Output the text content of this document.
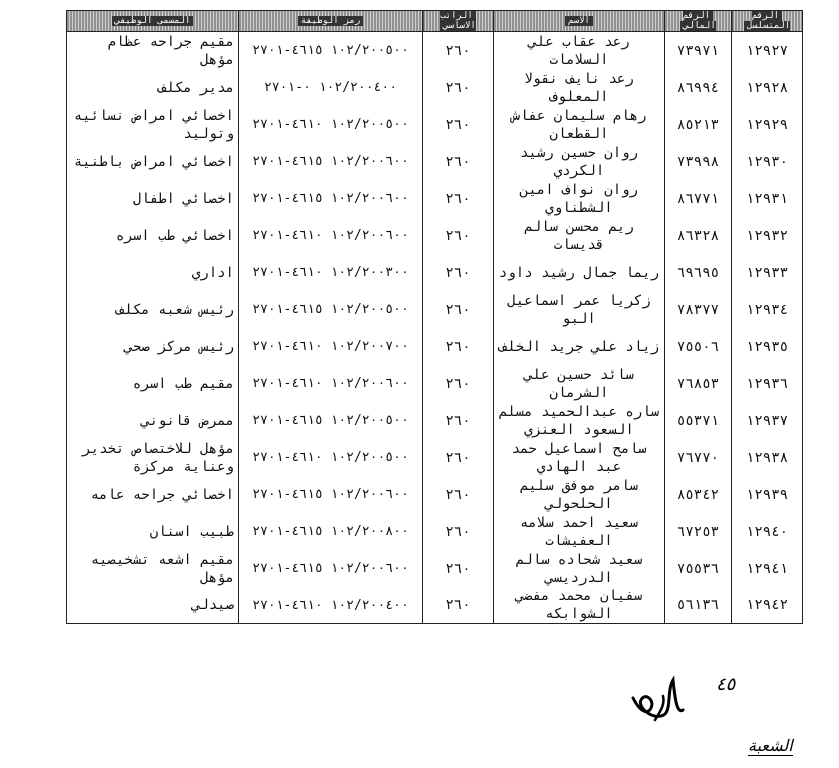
الرقم المتسلسل	الرقم المالي	الاسم	الراتب الاساسي	رمز الوظيفة	المسمى الوظيفي
١٢٩٢٧	٧٣٩٧١	رعد عقاب علي السلامات	٢٦٠	١٠٢/٢٠٠٥٠٠ ٤٦١٥-٢٧٠١	مقيم جراحه عظام مؤهل
١٢٩٢٨	٨٦٩٩٤	رعد نايف نقولا المعلوف	٢٦٠	١٠٢/٢٠٠٤٠٠ ٠-٢٧٠١	مدير مكلف
١٢٩٢٩	٨٥٢١٣	رهام سليمان عفاش القطعان	٢٦٠	١٠٢/٢٠٠٥٠٠ ٤٦١٠-٢٧٠١	اخصائي امراض نسائيه وتوليد
١٢٩٣٠	٧٣٩٩٨	روان حسين رشيد الكردي	٢٦٠	١٠٢/٢٠٠٦٠٠ ٤٦١٥-٢٧٠١	اخصائي امراض باطنية
١٢٩٣١	٨٦٧٧١	روان نواف امين الشطناوي	٢٦٠	١٠٢/٢٠٠٦٠٠ ٤٦١٥-٢٧٠١	اخصائي اطفال
١٢٩٣٢	٨٦٣٢٨	ريم محسن سالم قديسات	٢٦٠	١٠٢/٢٠٠٦٠٠ ٤٦١٠-٢٧٠١	اخصائي طب اسره
١٢٩٣٣	٦٩٦٩٥	ريما جمال رشيد داود	٢٦٠	١٠٢/٢٠٠٣٠٠ ٤٦١٠-٢٧٠١	اداري
١٢٩٣٤	٧٨٣٧٧	زكريا عمر اسماعيل البو	٢٦٠	١٠٢/٢٠٠٥٠٠ ٤٦١٥-٢٧٠١	رئيس شعبه مكلف
١٢٩٣٥	٧٥٥٠٦	زياد علي جريد الخلف	٢٦٠	١٠٢/٢٠٠٧٠٠ ٤٦١٠-٢٧٠١	رئيس مركز صحي
١٢٩٣٦	٧٦٨٥٣	سائد حسين علي الشرمان	٢٦٠	١٠٢/٢٠٠٦٠٠ ٤٦١٠-٢٧٠١	مقيم طب اسره
١٢٩٣٧	٥٥٣٧١	ساره عبدالحميد مسلم السعود العنزي	٢٦٠	١٠٢/٢٠٠٥٠٠ ٤٦١٥-٢٧٠١	ممرض قانوني
١٢٩٣٨	٧٦٧٧٠	سامح اسماعيل حمد عبد الهادي	٢٦٠	١٠٢/٢٠٠٥٠٠ ٤٦١٠-٢٧٠١	مؤهل للاختصاص تخدير وعناية مركزة
١٢٩٣٩	٨٥٣٤٢	سامر موفق سليم الحلحولي	٢٦٠	١٠٢/٢٠٠٦٠٠ ٤٦١٥-٢٧٠١	اخصائي جراحه عامه
١٢٩٤٠	٦٧٢٥٣	سعيد احمد سلامه العفيشات	٢٦٠	١٠٢/٢٠٠٨٠٠ ٤٦١٥-٢٧٠١	طبيب اسنان
١٢٩٤١	٧٥٥٣٦	سعيد شحاده سالم الدرديسي	٢٦٠	١٠٢/٢٠٠٦٠٠ ٤٦١٥-٢٧٠١	مقيم اشعه تشخيصيه مؤهل
١٢٩٤٢	٥٦١٣٦	سفيان محمد مفضي الشوابكه	٢٦٠	١٠٢/٢٠٠٤٠٠ ٤٦١٠-٢٧٠١	صيدلي
٤٥
الشعبة
